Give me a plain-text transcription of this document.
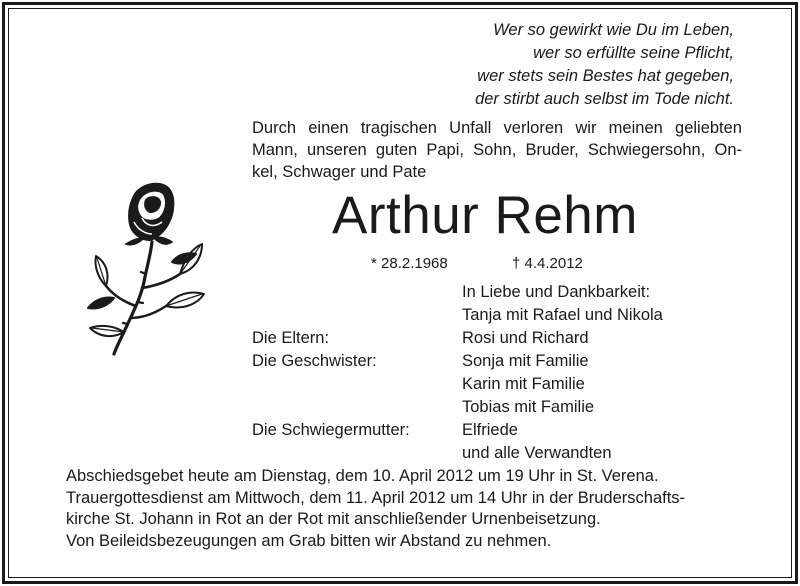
Wer so gewirkt wie Du im Leben,
wer so erfüllte seine Pflicht,
wer stets sein Bestes hat gegeben,
der stirbt auch selbst im Tode nicht.
Durch einen tragischen Unfall verloren wir meinen geliebten
Mann, unseren guten Papi, Sohn, Bruder, Schwiegersohn, On-
kel, Schwager und Pate
Arthur Rehm
* 28.2.1968	† 4.4.2012
In Liebe und Dankbarkeit:
Tanja mit Rafael und Nikola
Die Eltern:	Rosi und Richard
Die Geschwister:	Sonja mit Familie
Karin mit Familie
Tobias mit Familie
Die Schwiegermutter:	Elfriede
und alle Verwandten
Abschiedsgebet heute am Dienstag, dem 10. April 2012 um 19 Uhr in St. Verena.
Trauergottesdienst am Mittwoch, dem 11. April 2012 um 14 Uhr in der Bruderschafts-
kirche St. Johann in Rot an der Rot mit anschließender Urnenbeisetzung.
Von Beileidsbezeugungen am Grab bitten wir Abstand zu nehmen.
